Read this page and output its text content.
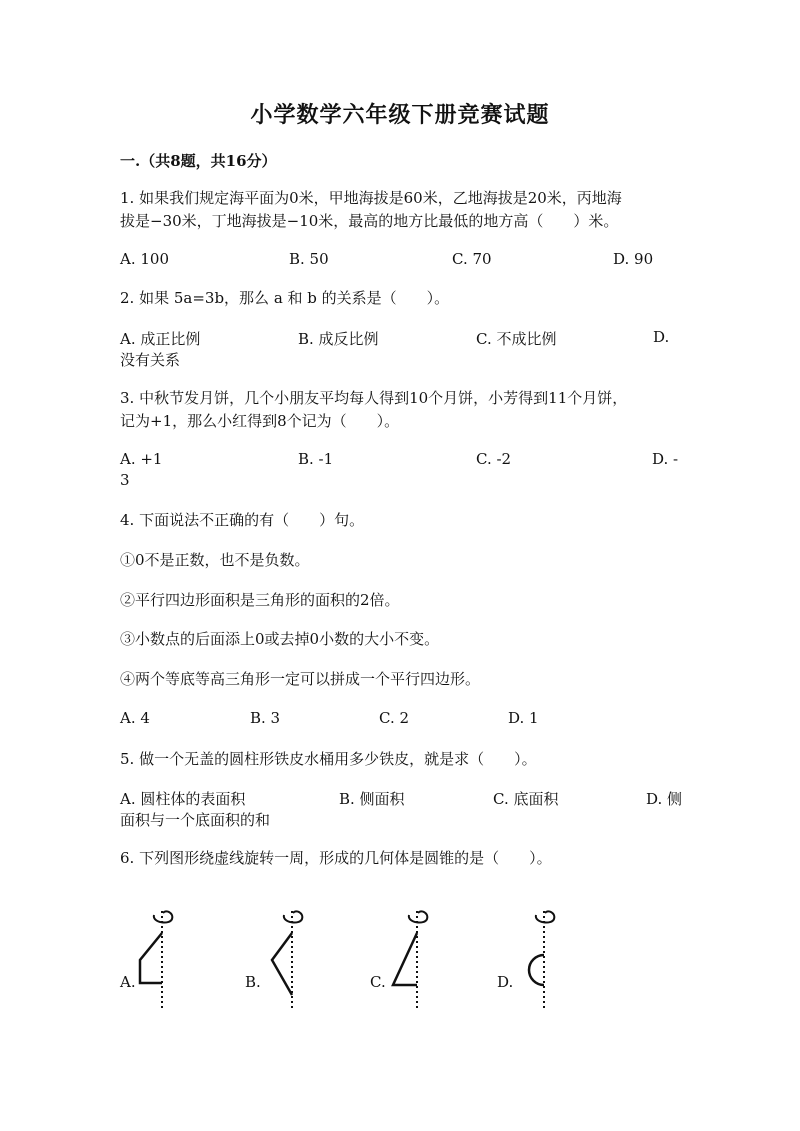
小学数学六年级下册竞赛试题
一.（共8题，共16分）
1. 如果我们规定海平面为0米，甲地海拔是60米，乙地海拔是20米，丙地海
拔是−30米，丁地海拔是−10米，最高的地方比最低的地方高（　　）米。
A. 100	B. 50	C. 70	D. 90
2. 如果 5a=3b，那么 a 和 b 的关系是（　　）。
A. 成正比例	B. 成反比例	C. 不成比例	D.
没有关系
3. 中秋节发月饼，几个小朋友平均每人得到10个月饼，小芳得到11个月饼，
记为+1，那么小红得到8个记为（　　）。
A. +1	B. -1	C. -2	D. -
3
4. 下面说法不正确的有（　　）句。
①0不是正数，也不是负数。
②平行四边形面积是三角形的面积的2倍。
③小数点的后面添上0或去掉0小数的大小不变。
④两个等底等高三角形一定可以拼成一个平行四边形。
A. 4	B. 3	C. 2	D. 1
5. 做一个无盖的圆柱形铁皮水桶用多少铁皮，就是求（　　）。
A. 圆柱体的表面积	B. 侧面积	C. 底面积	D. 侧
面积与一个底面积的和
6. 下列图形绕虚线旋转一周，形成的几何体是圆锥的是（　　）。
A.	B.	C.	D.
